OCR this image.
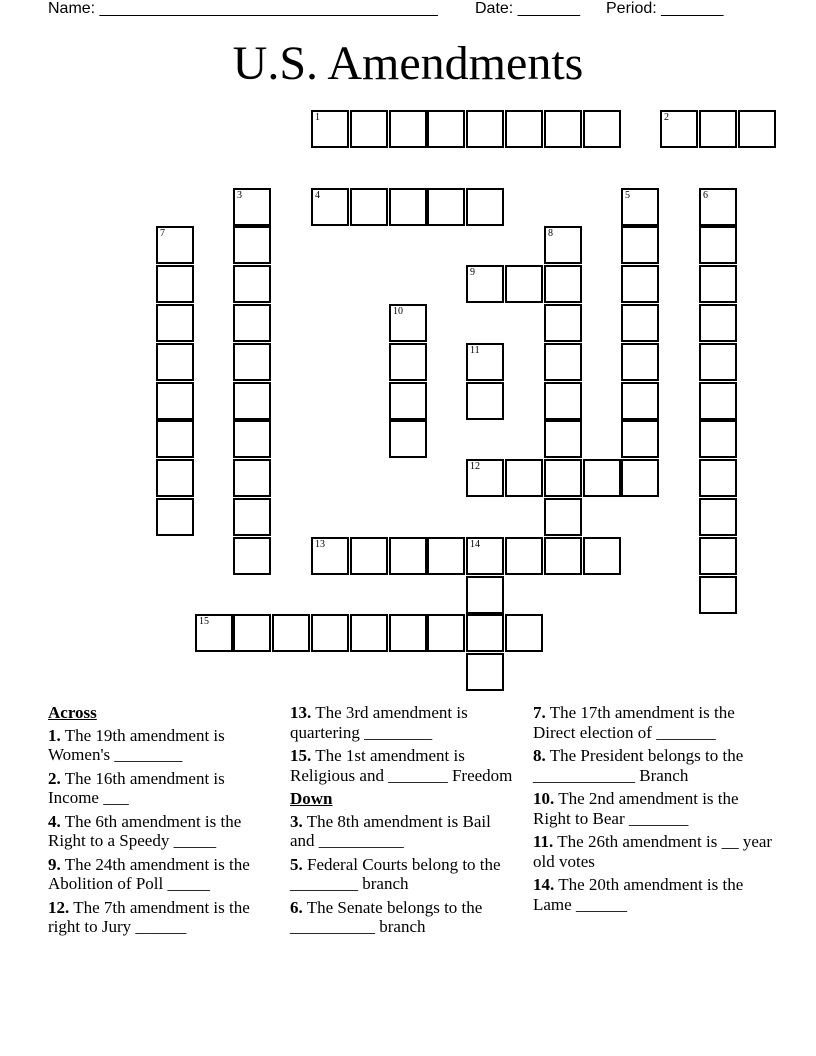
Name: ______________________________________ Date: _______ Period: _______
U.S. Amendments
1	2
3	4	5	6
7	8
9
10
11
12
13	14
15
Across
1. The 19th amendment is Women's ________
2. The 16th amendment is Income ___
4. The 6th amendment is the Right to a Speedy _____
9. The 24th amendment is the Abolition of Poll _____
12. The 7th amendment is the right to Jury ______
13. The 3rd amendment is quartering ________
15. The 1st amendment is Religious and _______ Freedom
Down
3. The 8th amendment is Bail and __________
5. Federal Courts belong to the ________ branch
6. The Senate belongs to the __________ branch
7. The 17th amendment is the Direct election of _______
8. The President belongs to the ____________ Branch
10. The 2nd amendment is the Right to Bear _______
11. The 26th amendment is __ year old votes
14. The 20th amendment is the Lame ______
